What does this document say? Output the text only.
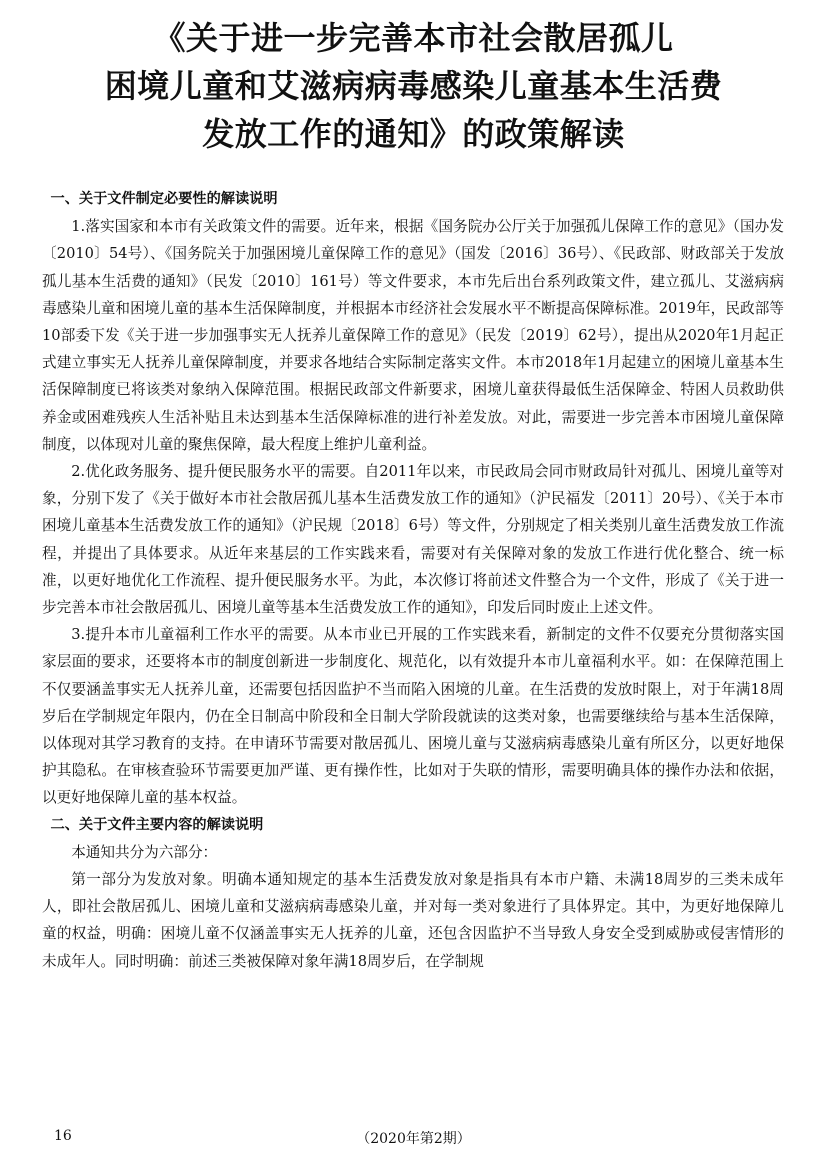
《关于进一步完善本市社会散居孤儿
困境儿童和艾滋病病毒感染儿童基本生活费
发放工作的通知》的政策解读

一、关于文件制定必要性的解读说明

1.落实国家和本市有关政策文件的需要。近年来，根据《国务院办公厅关于加强孤儿保障工作的意见》（国办发〔2010〕54号）、《国务院关于加强困境儿童保障工作的意见》（国发〔2016〕36号）、《民政部、财政部关于发放孤儿基本生活费的通知》（民发〔2010〕161号）等文件要求，本市先后出台系列政策文件，建立孤儿、艾滋病病毒感染儿童和困境儿童的基本生活保障制度，并根据本市经济社会发展水平不断提高保障标准。2019年，民政部等10部委下发《关于进一步加强事实无人抚养儿童保障工作的意见》（民发〔2019〕62号），提出从2020年1月起正式建立事实无人抚养儿童保障制度，并要求各地结合实际制定落实文件。本市2018年1月起建立的困境儿童基本生活保障制度已将该类对象纳入保障范围。根据民政部文件新要求，困境儿童获得最低生活保障金、特困人员救助供养金或困难残疾人生活补贴且未达到基本生活保障标准的进行补差发放。对此，需要进一步完善本市困境儿童保障制度，以体现对儿童的聚焦保障，最大程度上维护儿童利益。

2.优化政务服务、提升便民服务水平的需要。自2011年以来，市民政局会同市财政局针对孤儿、困境儿童等对象，分别下发了《关于做好本市社会散居孤儿基本生活费发放工作的通知》（沪民福发〔2011〕20号）、《关于本市困境儿童基本生活费发放工作的通知》（沪民规〔2018〕6号）等文件，分别规定了相关类别儿童生活费发放工作流程，并提出了具体要求。从近年来基层的工作实践来看，需要对有关保障对象的发放工作进行优化整合、统一标准，以更好地优化工作流程、提升便民服务水平。为此，本次修订将前述文件整合为一个文件，形成了《关于进一步完善本市社会散居孤儿、困境儿童等基本生活费发放工作的通知》，印发后同时废止上述文件。

3.提升本市儿童福利工作水平的需要。从本市业已开展的工作实践来看，新制定的文件不仅要充分贯彻落实国家层面的要求，还要将本市的制度创新进一步制度化、规范化，以有效提升本市儿童福利水平。如：在保障范围上不仅要涵盖事实无人抚养儿童，还需要包括因监护不当而陷入困境的儿童。在生活费的发放时限上，对于年满18周岁后在学制规定年限内，仍在全日制高中阶段和全日制大学阶段就读的这类对象，也需要继续给与基本生活保障，以体现对其学习教育的支持。在申请环节需要对散居孤儿、困境儿童与艾滋病病毒感染儿童有所区分，以更好地保护其隐私。在审核查验环节需要更加严谨、更有操作性，比如对于失联的情形，需要明确具体的操作办法和依据，以更好地保障儿童的基本权益。

二、关于文件主要内容的解读说明

本通知共分为六部分：

第一部分为发放对象。明确本通知规定的基本生活费发放对象是指具有本市户籍、未满18周岁的三类未成年人，即社会散居孤儿、困境儿童和艾滋病病毒感染儿童，并对每一类对象进行了具体界定。其中，为更好地保障儿童的权益，明确：困境儿童不仅涵盖事实无人抚养的儿童，还包含因监护不当导致人身安全受到威胁或侵害情形的未成年人。同时明确：前述三类被保障对象年满18周岁后，在学制规

16	（2020年第2期）
